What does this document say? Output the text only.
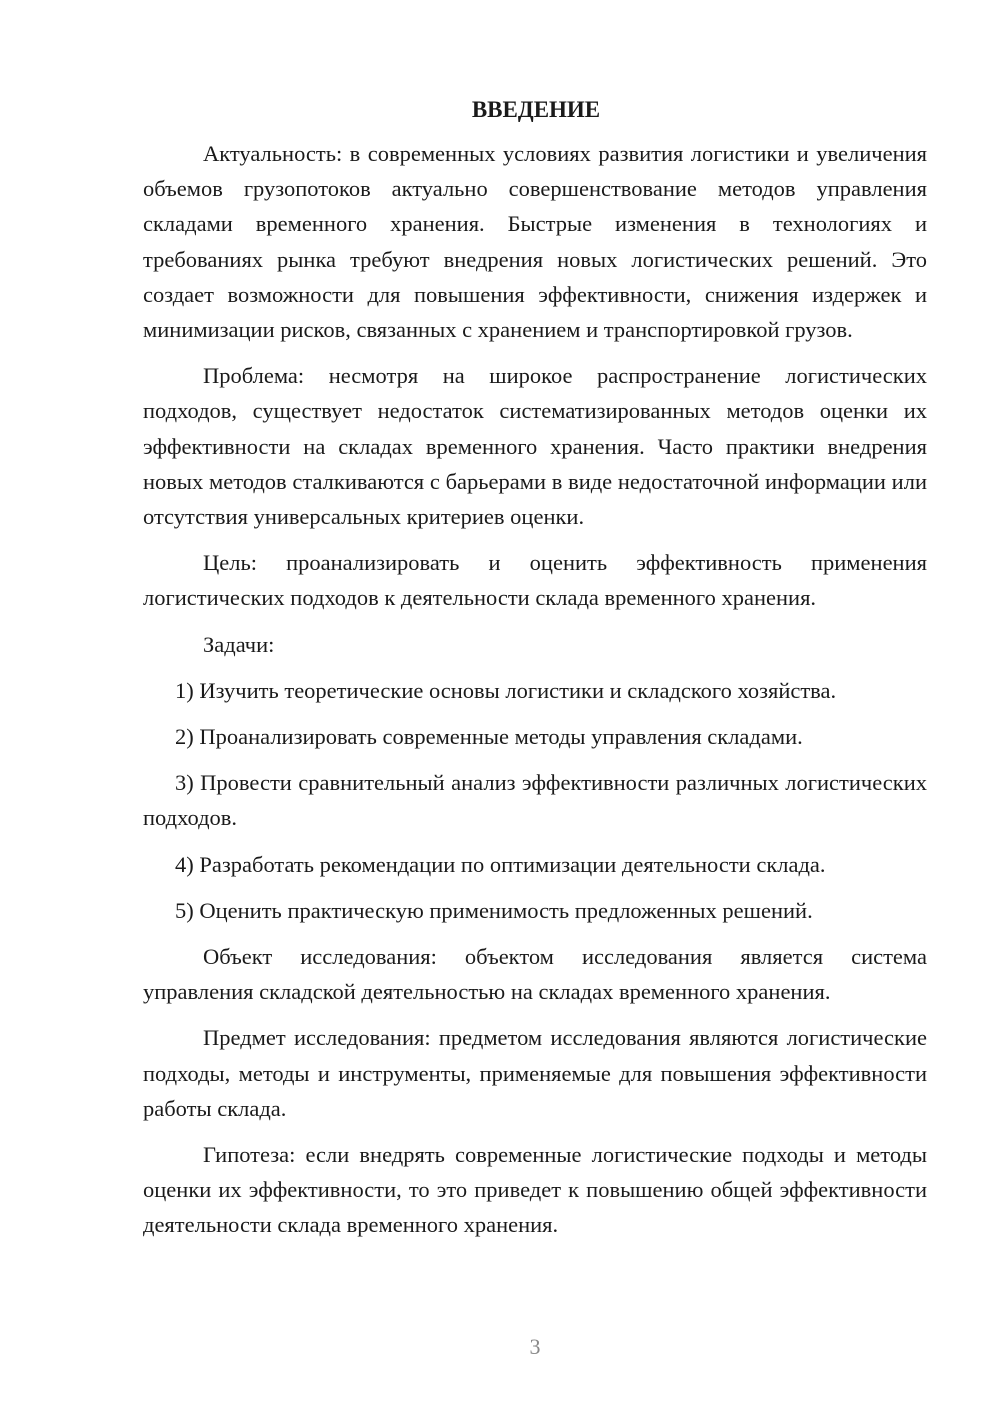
ВВЕДЕНИЕ

Актуальность: в современных условиях развития логистики и увеличения объемов грузопотоков актуально совершенствование методов управления складами временного хранения. Быстрые изменения в технологиях и требованиях рынка требуют внедрения новых логистических решений. Это создает возможности для повышения эффективности, снижения издержек и минимизации рисков, связанных с хранением и транспортировкой грузов.

Проблема: несмотря на широкое распространение логистических подходов, существует недостаток систематизированных методов оценки их эффективности на складах временного хранения. Часто практики внедрения новых методов сталкиваются с барьерами в виде недостаточной информации или отсутствия универсальных критериев оценки.

Цель: проанализировать и оценить эффективность применения логистических подходов к деятельности склада временного хранения.

Задачи:

1) Изучить теоретические основы логистики и складского хозяйства.

2) Проанализировать современные методы управления складами.

3) Провести сравнительный анализ эффективности различных логистических подходов.

4) Разработать рекомендации по оптимизации деятельности склада.

5) Оценить практическую применимость предложенных решений.

Объект исследования: объектом исследования является система управления складской деятельностью на складах временного хранения.

Предмет исследования: предметом исследования являются логистические подходы, методы и инструменты, применяемые для повышения эффективности работы склада.

Гипотеза: если внедрять современные логистические подходы и методы оценки их эффективности, то это приведет к повышению общей эффективности деятельности склада временного хранения.

3
